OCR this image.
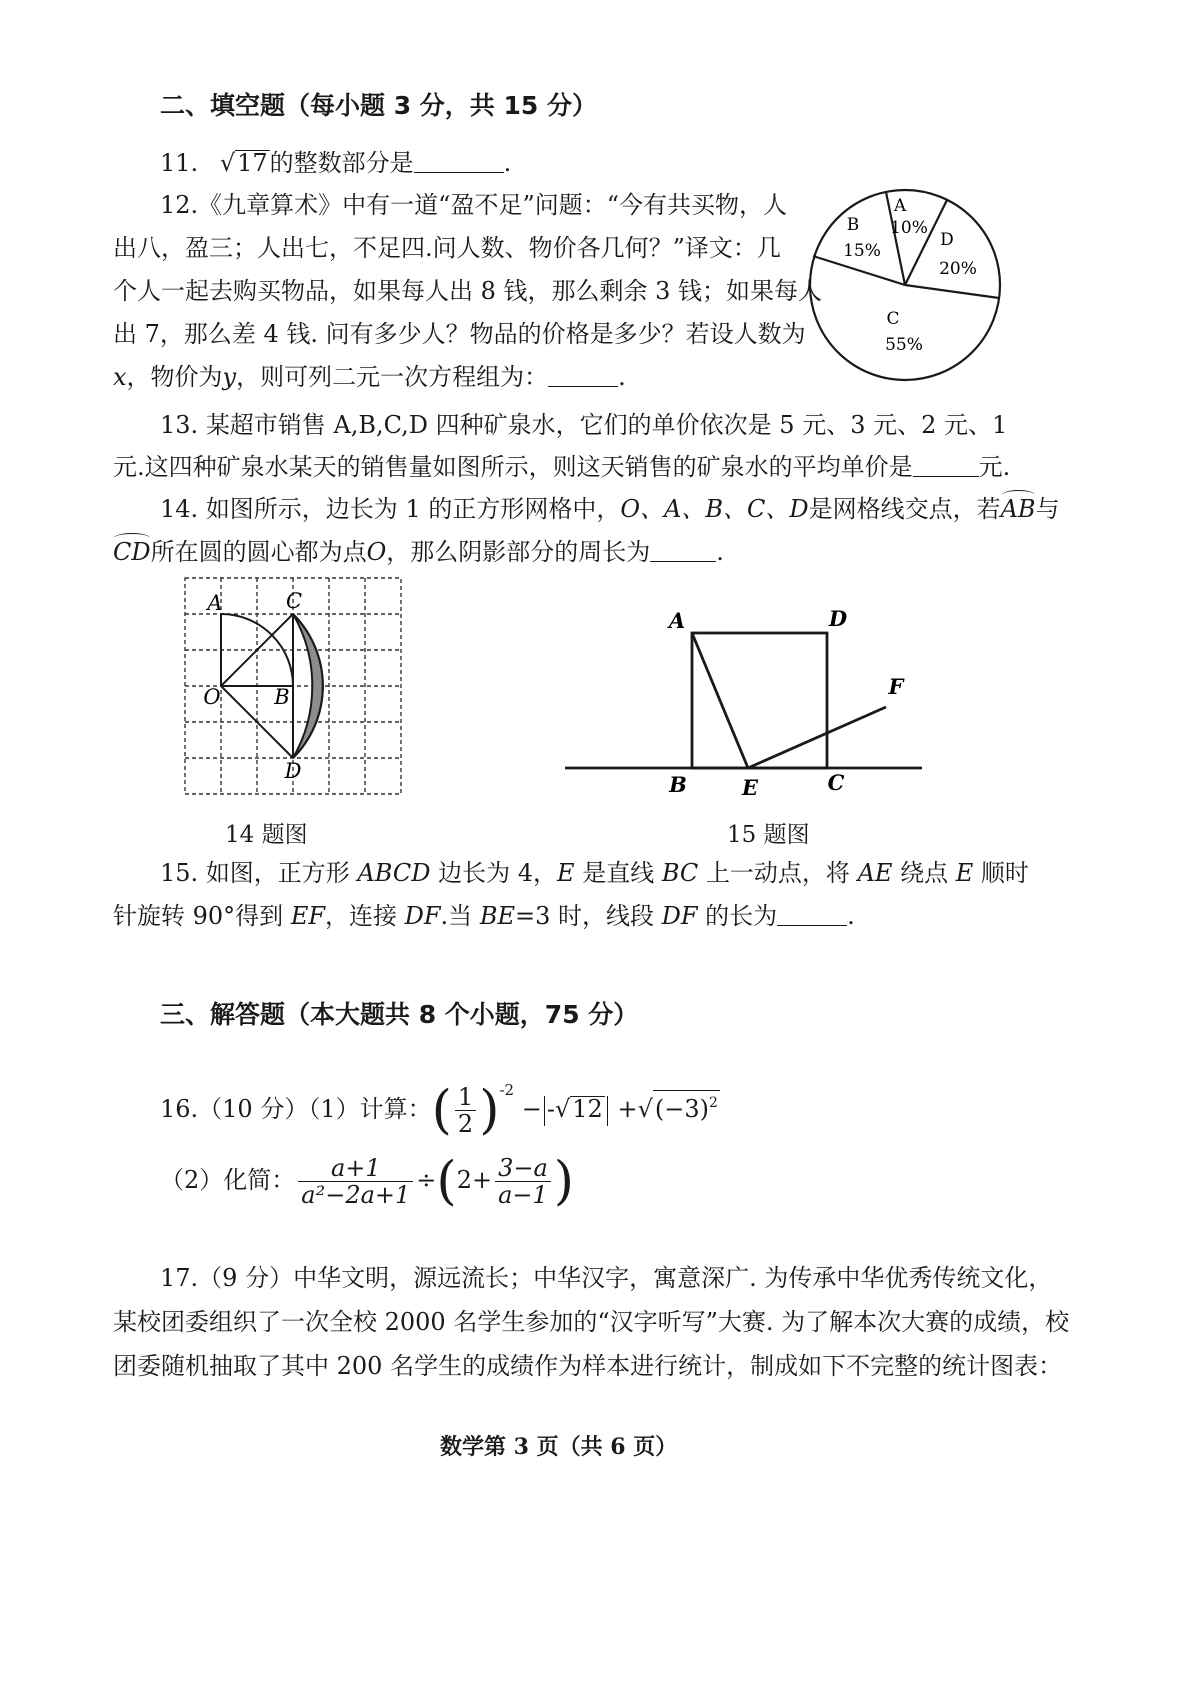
二、填空题（每小题 3 分，共 15 分）
11. √17的整数部分是	.
12.《九章算术》中有一道“盈不足”问题：“今有共买物，人
出八，盈三；人出七，不足四.问人数、物价各几何？”译文：几
个人一起去购买物品，如果每人出 8 钱，那么剩余 3 钱；如果每人
出 7，那么差 4 钱. 问有多少人？物品的价格是多少？若设人数为
x，物价为y，则可列二元一次方程组为：	.
A
10%
B
15%
D
20%
C
55%
13. 某超市销售 A,B,C,D 四种矿泉水，它们的单价依次是 5 元、3 元、2 元、1
元.这四种矿泉水某天的销售量如图所示，则这天销售的矿泉水的平均单价是	元.
14. 如图所示，边长为 1 的正方形网格中，O、A、B、C、D是网格线交点，若AB与
CD所在圆的圆心都为点O，那么阴影部分的周长为	.
A	C
O	B
D
14 题图
A	D
F
B	E	C
15 题图
15. 如图，正方形 ABCD 边长为 4，E 是直线 BC 上一动点，将 AE 绕点 E 顺时
针旋转 90°得到 EF，连接 DF.当 BE=3 时，线段 DF 的长为	.
三、解答题（本大题共 8 个小题，75 分）
16.（10 分）（1）计算：( $\frac{1}{2} )^{-2} - -√12 +√(-3)^2$
（2）化简： $\frac{a+1}{\text{a²−2a+1}} \div(2+ \frac{3-a}{a-1}$ )
17.（9 分）中华文明，源远流长；中华汉字，寓意深广. 为传承中华优秀传统文化，
某校团委组织了一次全校 2000 名学生参加的“汉字听写”大赛. 为了解本次大赛的成绩，校
团委随机抽取了其中 200 名学生的成绩作为样本进行统计，制成如下不完整的统计图表：
数学第 3 页（共 6 页）
